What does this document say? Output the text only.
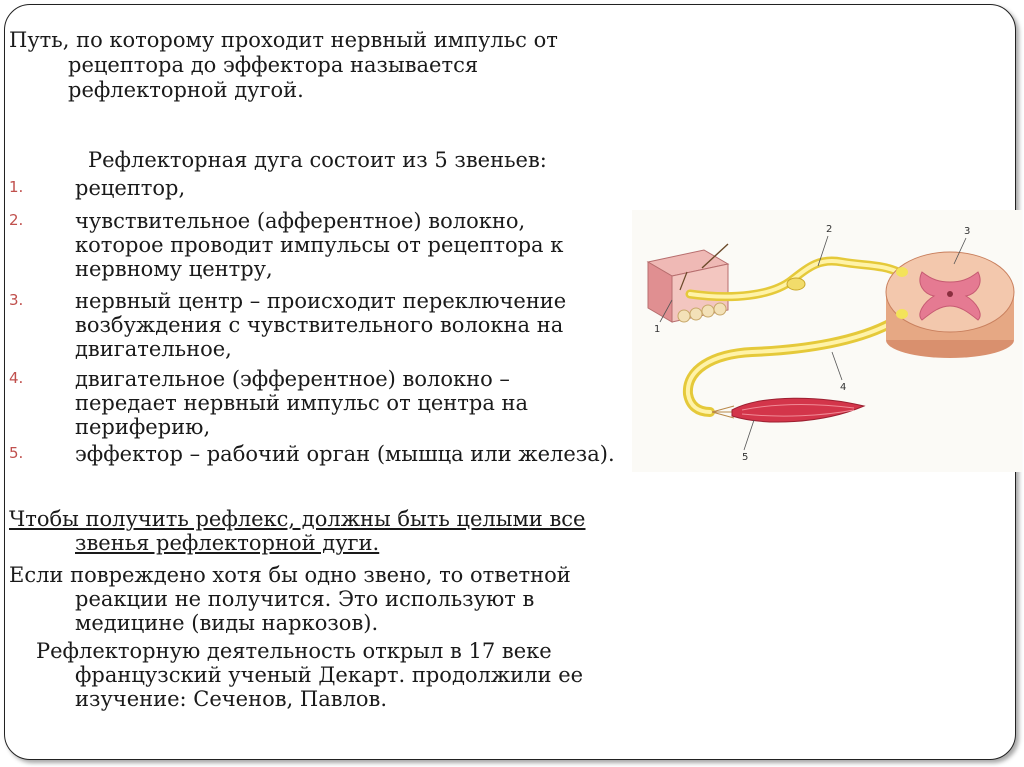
Путь, по которому проходит нервный импульс от
рецептора до эффектора называется
рефлекторной дугой.
Рефлекторная дуга состоит из 5 звеньев:
1. рецептор,
2. чувствительное (афферентное) волокно,
которое проводит импульсы от рецептора к
нервному центру,
3. нервный центр – происходит переключение
возбуждения с чувствительного волокна на
двигательное,
4. двигательное (эфферентное) волокно –
передает нервный импульс от центра на
периферию,
5. эффектор – рабочий орган (мышца или железа).
Чтобы получить рефлекс, должны быть целыми все
звенья рефлекторной дуги.
Если повреждено хотя бы одно звено, то ответной
реакции не получится. Это используют в
медицине (виды наркозов).
Рефлекторную деятельность открыл в 17 веке
французский ученый Декарт. продолжили ее
изучение: Сеченов, Павлов.
1
2	3
4
5
